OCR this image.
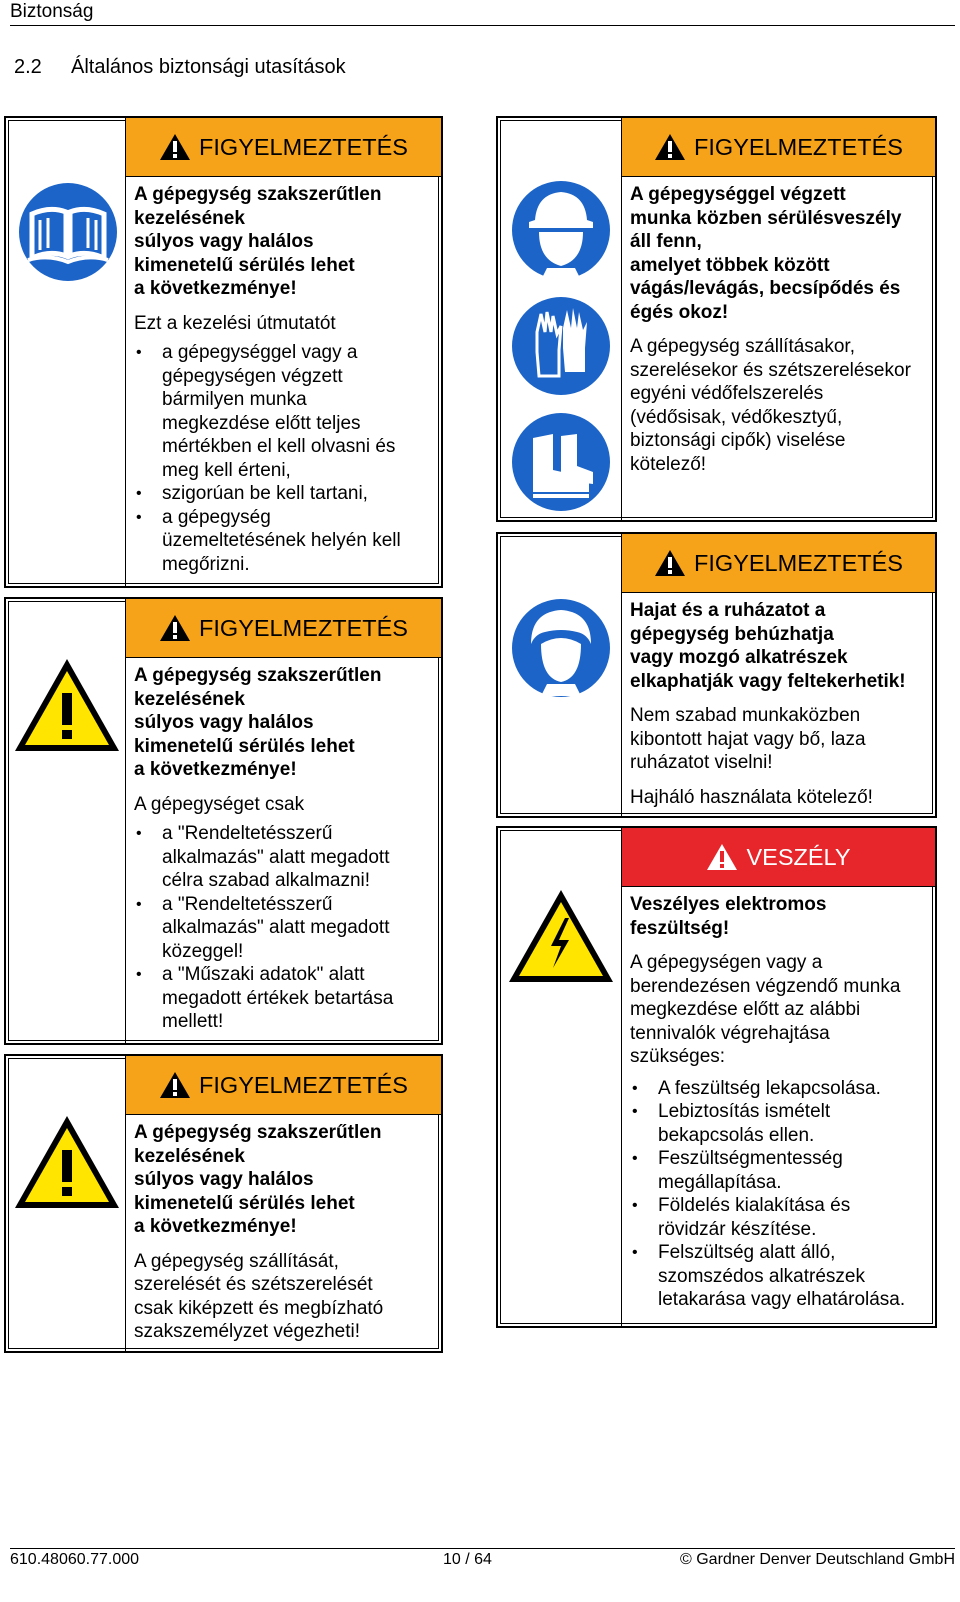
Biztonság
2.2 Általános biztonsági utasítások
FIGYELMEZTETÉS

A gépegység szakszerűtlen
kezelésének
súlyos vagy halálos
kimenetelű sérülés lehet
a következménye!

Ezt a kezelési útmutatót

• a gépegységgel vagy a
gépegységen végzett
bármilyen munka
megkezdése előtt teljes
mértékben el kell olvasni és
meg kell érteni,
• szigorúan be kell tartani,
• a gépegység
üzemeltetésének helyén kell
megőrizni.
FIGYELMEZTETÉS

A gépegység szakszerűtlen
kezelésének
súlyos vagy halálos
kimenetelű sérülés lehet
a következménye!

A gépegységet csak

• a "Rendeltetésszerű
alkalmazás" alatt megadott
célra szabad alkalmazni!
• a "Rendeltetésszerű
alkalmazás" alatt megadott
közeggel!
• a "Műszaki adatok" alatt
megadott értékek betartása
mellett!
FIGYELMEZTETÉS

A gépegység szakszerűtlen
kezelésének
súlyos vagy halálos
kimenetelű sérülés lehet
a következménye!

A gépegység szállítását,
szerelését és szétszerelését
csak kiképzett és megbízható
szakszemélyzet végezheti!

FIGYELMEZTETÉS

A gépegységgel végzett
munka közben sérülésveszély
áll fenn,
amelyet többek között
vágás/levágás, becsípődés és
égés okoz!

A gépegység szállításakor,
szerelésekor és szétszerelésekor
egyéni védőfelszerelés
(védősisak, védőkesztyű,
biztonsági cipők) viselése
kötelező!

FIGYELMEZTETÉS

Hajat és a ruházatot a
gépegység behúzhatja
vagy mozgó alkatrészek
elkaphatják vagy feltekerhetik!

Nem szabad munkaközben
kibontott hajat vagy bő, laza
ruházatot viselni!

Hajháló használata kötelező!

VESZÉLY

Veszélyes elektromos
feszültség!

A gépegységen vagy a
berendezésen végzendő munka
megkezdése előtt az alábbi
tennivalók végrehajtása
szükséges:

• A feszültség lekapcsolása.
• Lebiztosítás ismételt
bekapcsolás ellen.
• Feszültségmentesség
megállapítása.
• Földelés kialakítása és
rövidzár készítése.
• Felszültség alatt álló,
szomszédos alkatrészek
letakarása vagy elhatárolása.
610.48060.77.000	10 / 64	© Gardner Denver Deutschland GmbH
